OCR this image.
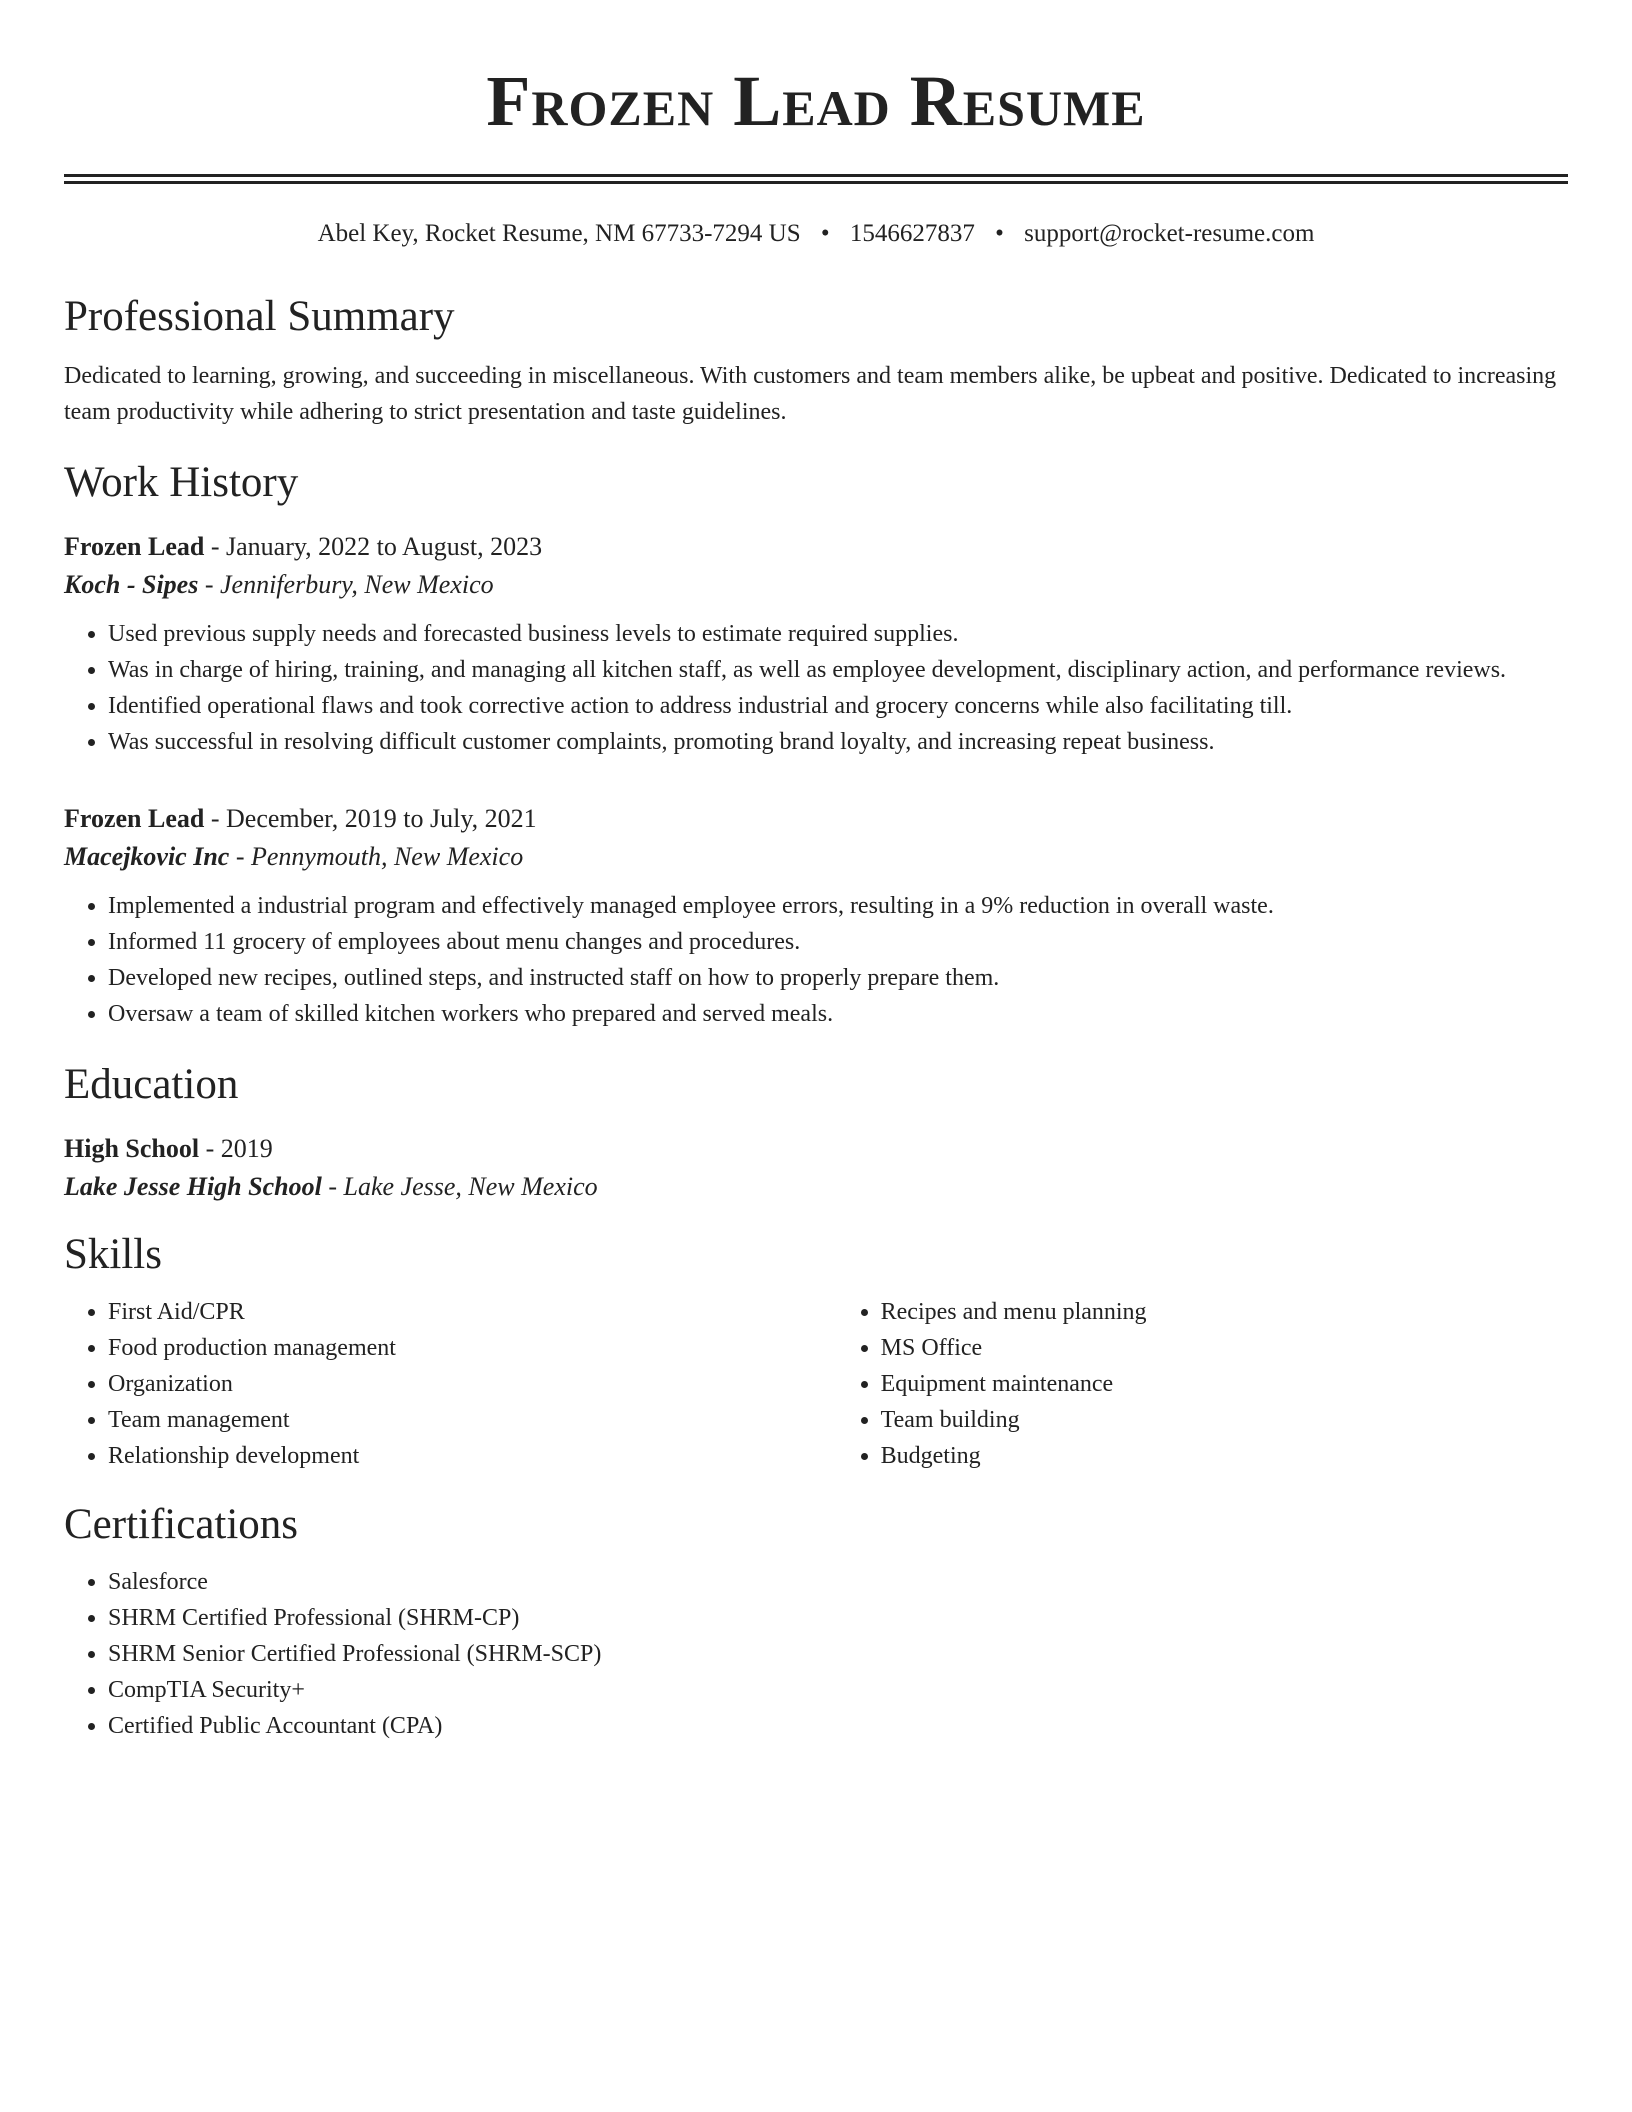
Frozen Lead Resume
Abel Key, Rocket Resume, NM 67733-7294 US • 1546627837 • support@rocket-resume.com
Professional Summary

Dedicated to learning, growing, and succeeding in miscellaneous. With customers and team members alike, be upbeat and positive. Dedicated to increasing team productivity while adhering to strict presentation and taste guidelines.

Work History
Frozen Lead - January, 2022 to August, 2023
Koch - Sipes - Jenniferbury, New Mexico
• Used previous supply needs and forecasted business levels to estimate required supplies.
• Was in charge of hiring, training, and managing all kitchen staff, as well as employee development, disciplinary action, and performance reviews.
• Identified operational flaws and took corrective action to address industrial and grocery concerns while also facilitating till.
• Was successful in resolving difficult customer complaints, promoting brand loyalty, and increasing repeat business.
Frozen Lead - December, 2019 to July, 2021
Macejkovic Inc - Pennymouth, New Mexico
• Implemented a industrial program and effectively managed employee errors, resulting in a 9% reduction in overall waste.
• Informed 11 grocery of employees about menu changes and procedures.
• Developed new recipes, outlined steps, and instructed staff on how to properly prepare them.
• Oversaw a team of skilled kitchen workers who prepared and served meals.
Education
High School - 2019
Lake Jesse High School - Lake Jesse, New Mexico
Skills
• First Aid/CPR
• Food production management
• Organization
• Team management
• Relationship development
• Recipes and menu planning
• MS Office
• Equipment maintenance
• Team building
• Budgeting
Certifications
• Salesforce
• SHRM Certified Professional (SHRM-CP)
• SHRM Senior Certified Professional (SHRM-SCP)
• CompTIA Security+
• Certified Public Accountant (CPA)
